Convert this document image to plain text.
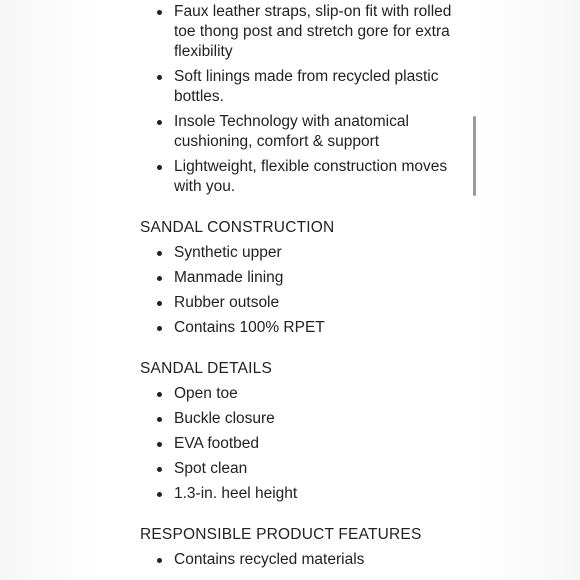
Faux leather straps, slip-on fit with rolled toe thong post and stretch gore for extra flexibility
Soft linings made from recycled plastic bottles.
Insole Technology with anatomical cushioning, comfort & support
Lightweight, flexible construction moves with you.
SANDAL CONSTRUCTION
Synthetic upper
Manmade lining
Rubber outsole
Contains 100% RPET
SANDAL DETAILS
Open toe
Buckle closure
EVA footbed
Spot clean
1.3-in. heel height
RESPONSIBLE PRODUCT FEATURES
Contains recycled materials
